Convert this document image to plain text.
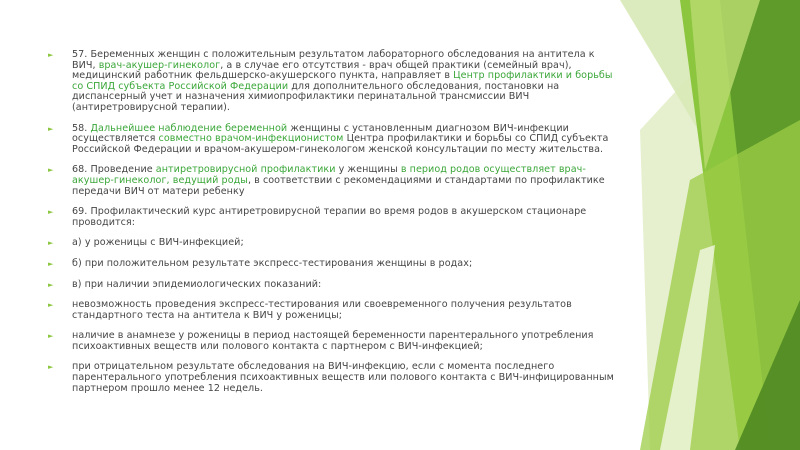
► 57. Беременных женщин с положительным результатом лабораторного обследования на антитела к ВИЧ, врач-акушер-гинеколог, а в случае его отсутствия - врач общей практики (семейный врач), медицинский работник фельдшерско-акушерского пункта, направляет в Центр профилактики и борьбы со СПИД субъекта Российской Федерации для дополнительного обследования, постановки на диспансерный учет и назначения химиопрофилактики перинатальной трансмиссии ВИЧ (антиретровирусной терапии).
► 58. Дальнейшее наблюдение беременной женщины с установленным диагнозом ВИЧ-инфекции осуществляется совместно врачом-инфекционистом Центра профилактики и борьбы со СПИД субъекта Российской Федерации и врачом-акушером-гинекологом женской консультации по месту жительства.
► 68. Проведение антиретровирусной профилактики у женщины в период родов осуществляет врач-акушер-гинеколог, ведущий роды, в соответствии с рекомендациями и стандартами по профилактике передачи ВИЧ от матери ребенку
► 69. Профилактический курс антиретровирусной терапии во время родов в акушерском стационаре проводится:
► а) у роженицы с ВИЧ-инфекцией;
► б) при положительном результате экспресс-тестирования женщины в родах;
► в) при наличии эпидемиологических показаний:
► невозможность проведения экспресс-тестирования или своевременного получения результатов стандартного теста на антитела к ВИЧ у роженицы;
► наличие в анамнезе у роженицы в период настоящей беременности парентерального употребления психоактивных веществ или полового контакта с партнером с ВИЧ-инфекцией;
► при отрицательном результате обследования на ВИЧ-инфекцию, если с момента последнего парентерального употребления психоактивных веществ или полового контакта с ВИЧ-инфицированным партнером прошло менее 12 недель.
